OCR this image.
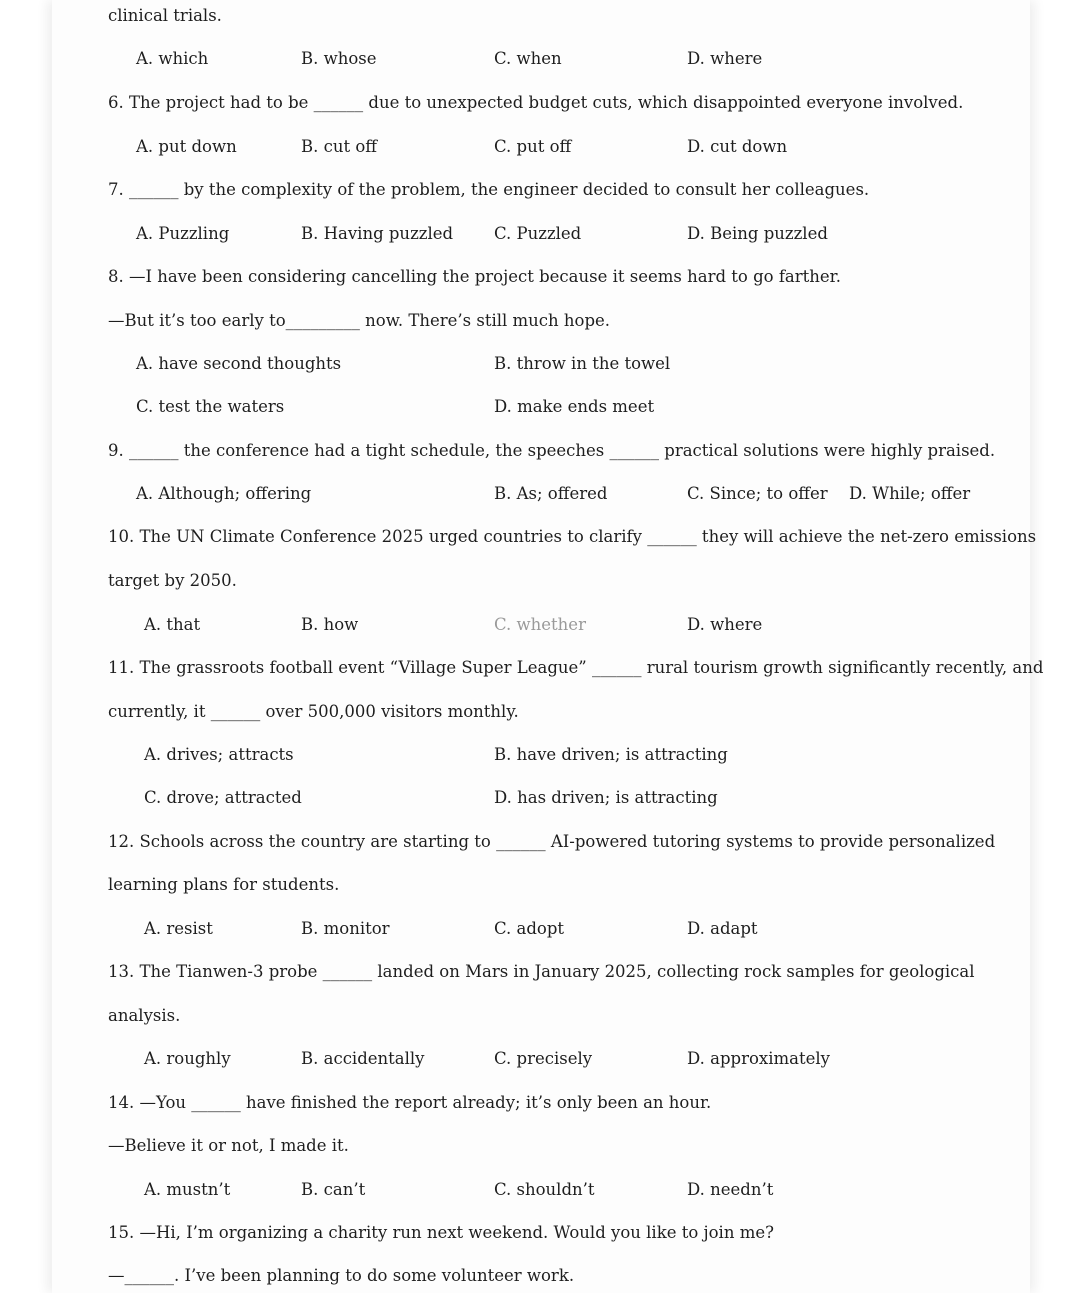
clinical trials.
A. which	B. whose	C. when	D. where
6. The project had to be ______ due to unexpected budget cuts, which disappointed everyone involved.
A. put down	B. cut off	C. put off	D. cut down
7. ______ by the complexity of the problem, the engineer decided to consult her colleagues.
A. Puzzling	B. Having puzzled C. Puzzled	D. Being puzzled
8. —I have been considering cancelling the project because it seems hard to go farther.
—But it’s too early to_________ now. There’s still much hope.
A. have second thoughts	B. throw in the towel
C. test the waters	D. make ends meet
9. ______ the conference had a tight schedule, the speeches ______ practical solutions were highly praised.
A. Although; offering	B. As; offered	C. Since; to offer D. While; offer
10. The UN Climate Conference 2025 urged countries to clarify ______ they will achieve the net-zero emissions
target by 2050.
A. that	B. how	C. whether	D. where
11. The grassroots football event “Village Super League” ______ rural tourism growth significantly recently, and
currently, it ______ over 500,000 visitors monthly.
A. drives; attracts	B. have driven; is attracting
C. drove; attracted	D. has driven; is attracting
12. Schools across the country are starting to ______ AI-powered tutoring systems to provide personalized
learning plans for students.
A. resist	B. monitor	C. adopt	D. adapt
13. The Tianwen-3 probe ______ landed on Mars in January 2025, collecting rock samples for geological
analysis.
A. roughly	B. accidentally	C. precisely	D. approximately
14. —You ______ have finished the report already; it’s only been an hour.
—Believe it or not, I made it.
A. mustn’t	B. can’t	C. shouldn’t	D. needn’t
15. —Hi, I’m organizing a charity run next weekend. Would you like to join me?
—______. I’ve been planning to do some volunteer work.
